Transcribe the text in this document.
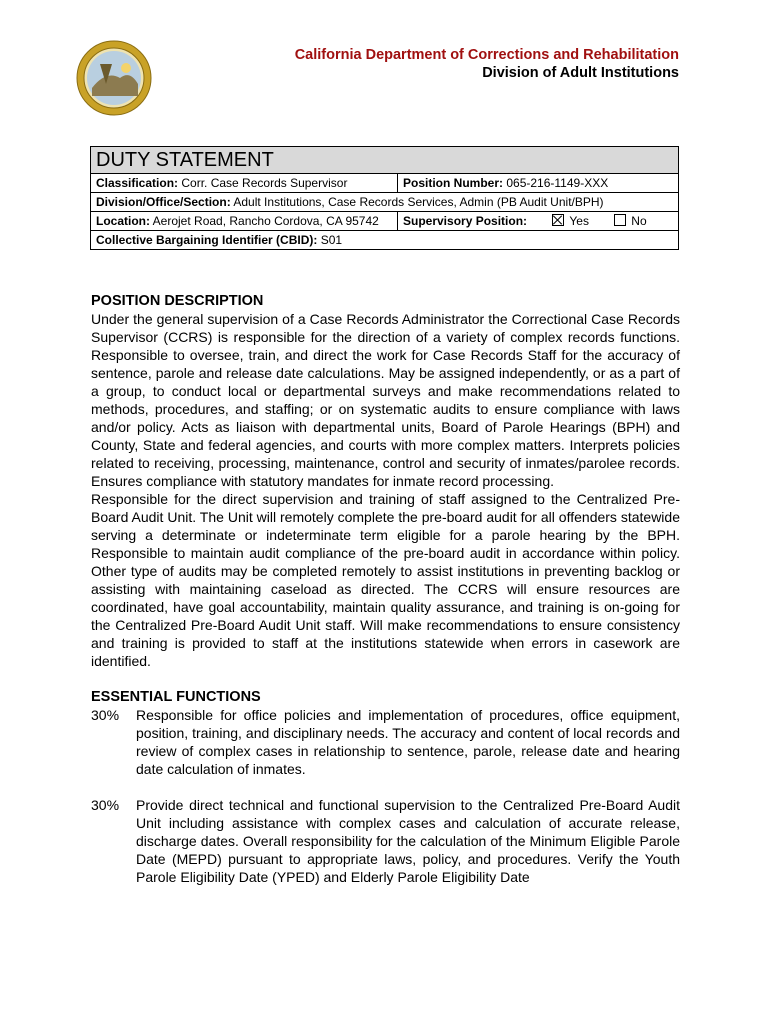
California Department of Corrections and Rehabilitation
Division of Adult Institutions
DUTY STATEMENT	
Classification: Corr. Case Records Supervisor	Position Number: 065-216-1149-XXX
Division/Office/Section: Adult Institutions, Case Records Services, Admin (PB Audit Unit/BPH)	
Location: Aerojet Road, Rancho Cordova, CA 95742	Supervisory Position: Yes No
Collective Bargaining Identifier (CBID): S01	
POSITION DESCRIPTION

Under the general supervision of a Case Records Administrator the Correctional Case Records Supervisor (CCRS) is responsible for the direction of a variety of complex records functions. Responsible to oversee, train, and direct the work for Case Records Staff for the accuracy of sentence, parole and release date calculations. May be assigned independently, or as a part of a group, to conduct local or departmental surveys and make recommendations related to methods, procedures, and staffing; or on systematic audits to ensure compliance with laws and/or policy. Acts as liaison with departmental units, Board of Parole Hearings (BPH) and County, State and federal agencies, and courts with more complex matters. Interprets policies related to receiving, processing, maintenance, control and security of inmates/parolee records. Ensures compliance with statutory mandates for inmate record processing.

Responsible for the direct supervision and training of staff assigned to the Centralized Pre-Board Audit Unit. The Unit will remotely complete the pre-board audit for all offenders statewide serving a determinate or indeterminate term eligible for a parole hearing by the BPH. Responsible to maintain audit compliance of the pre-board audit in accordance within policy. Other type of audits may be completed remotely to assist institutions in preventing backlog or assisting with maintaining caseload as directed. The CCRS will ensure resources are coordinated, have goal accountability, maintain quality assurance, and training is on-going for the Centralized Pre-Board Audit Unit staff. Will make recommendations to ensure consistency and training is provided to staff at the institutions statewide when errors in casework are identified.

ESSENTIAL FUNCTIONS
30%	Responsible for office policies and implementation of procedures, office equipment, position, training, and disciplinary needs. The accuracy and content of local records and review of complex cases in relationship to sentence, parole, release date and hearing date calculation of inmates.
30%	Provide direct technical and functional supervision to the Centralized Pre-Board Audit Unit including assistance with complex cases and calculation of accurate release, discharge dates. Overall responsibility for the calculation of the Minimum Eligible Parole Date (MEPD) pursuant to appropriate laws, policy, and procedures. Verify the Youth Parole Eligibility Date (YPED) and Elderly Parole Eligibility Date
